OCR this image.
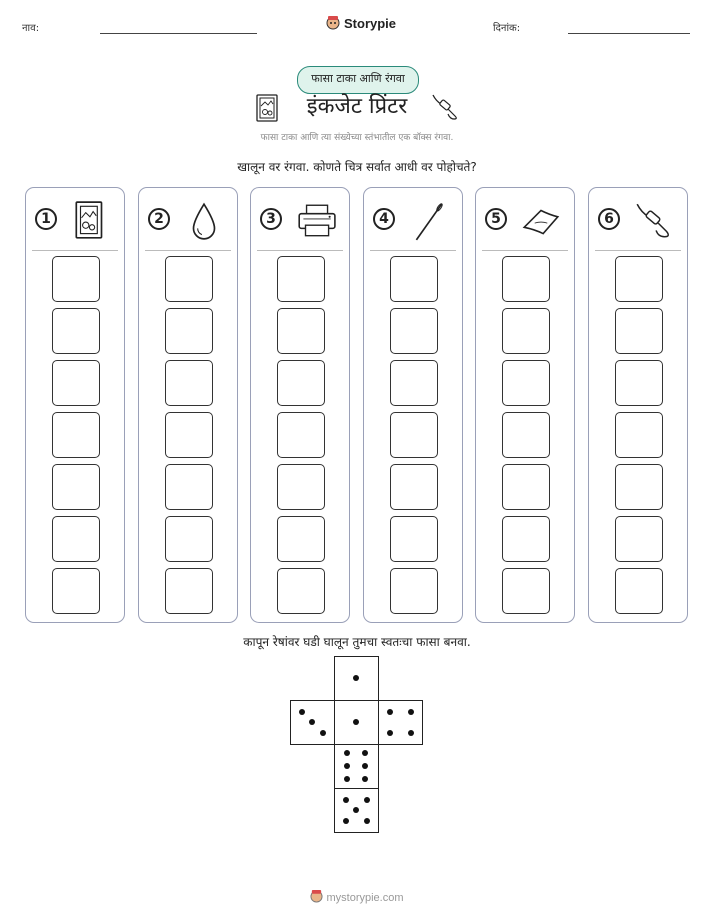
नाव:	Storypie	दिनांक:
फासा टाका आणि रंगवा
इंकजेट प्रिंटर
फासा टाका आणि त्या संख्येच्या स्तंभातील एक बॉक्स रंगवा.
खालून वर रंगवा. कोणते चित्र सर्वात आधी वर पोहोचते?
1	2	3	4	5	6
कापून रेषांवर घडी घालून तुमचा स्वतःचा फासा बनवा.
mystorypie.com
